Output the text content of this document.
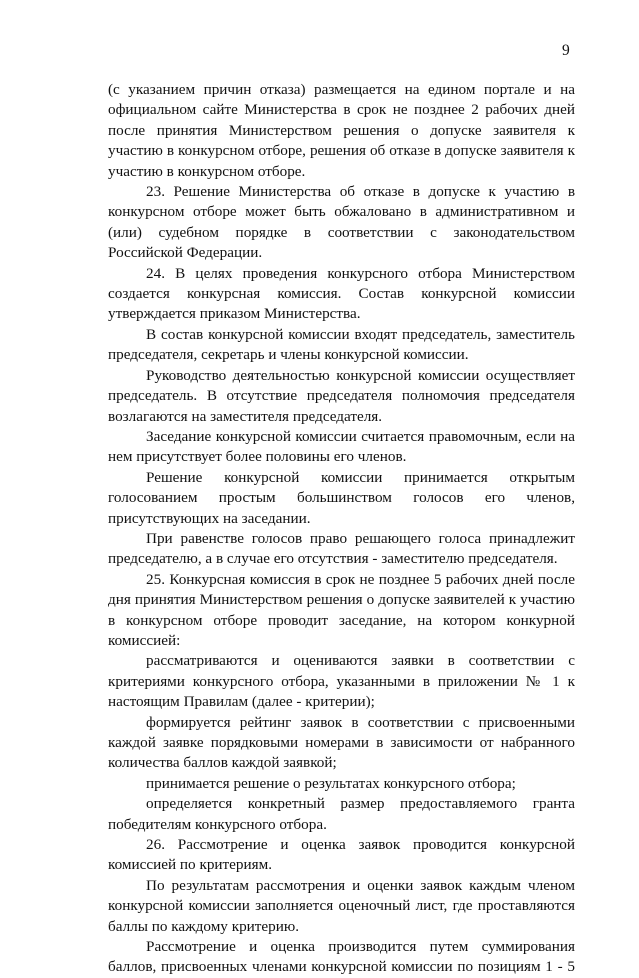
9

(с указанием причин отказа) размещается на едином портале и на официальном сайте Министерства в срок не позднее 2 рабочих дней после принятия Министерством решения о допуске заявителя к участию в конкурсном отборе, решения об отказе в допуске заявителя к участию в конкурсном отборе.

23. Решение Министерства об отказе в допуске к участию в конкурсном отборе может быть обжаловано в административном и (или) судебном порядке в соответствии с законодательством Российской Федерации.

24. В целях проведения конкурсного отбора Министерством создается конкурсная комиссия. Состав конкурсной комиссии утверждается приказом Министерства.

В состав конкурсной комиссии входят председатель, заместитель председателя, секретарь и члены конкурсной комиссии.

Руководство деятельностью конкурсной комиссии осуществляет председатель. В отсутствие председателя полномочия председателя возлагаются на заместителя председателя.

Заседание конкурсной комиссии считается правомочным, если на нем присутствует более половины его членов.

Решение конкурсной комиссии принимается открытым голосованием простым большинством голосов его членов, присутствующих на заседании.

При равенстве голосов право решающего голоса принадлежит председателю, а в случае его отсутствия - заместителю председателя.

25. Конкурсная комиссия в срок не позднее 5 рабочих дней после дня принятия Министерством решения о допуске заявителей к участию в конкурсном отборе проводит заседание, на котором конкурной комиссией:

рассматриваются и оцениваются заявки в соответствии с критериями конкурсного отбора, указанными в приложении № 1 к настоящим Правилам (далее - критерии);

формируется рейтинг заявок в соответствии с присвоенными каждой заявке порядковыми номерами в зависимости от набранного количества баллов каждой заявкой;

принимается решение о результатах конкурсного отбора;

определяется конкретный размер предоставляемого гранта победителям конкурсного отбора.

26. Рассмотрение и оценка заявок проводится конкурсной комиссией по критериям.

По результатам рассмотрения и оценки заявок каждым членом конкурсной комиссии заполняется оценочный лист, где проставляются баллы по каждому критерию.

Рассмотрение и оценка производится путем суммирования баллов, присвоенных членами конкурсной комиссии по позициям 1 - 5
